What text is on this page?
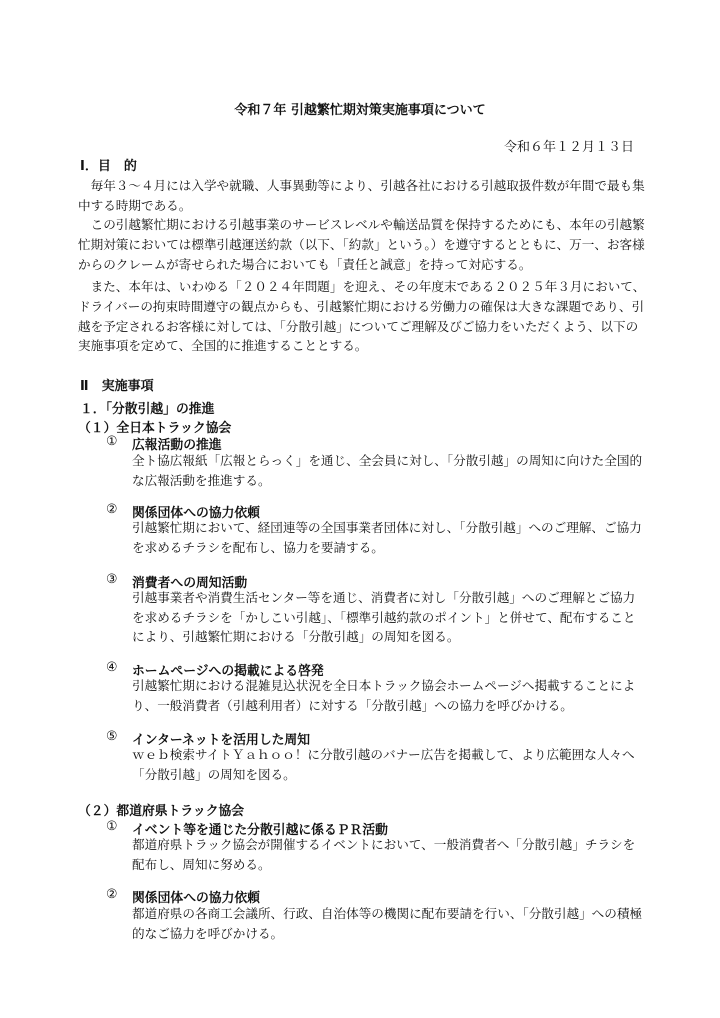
令和７年 引越繁忙期対策実施事項について
令和６年１２月１３日
Ⅰ．目　的
　毎年３～４月には入学や就職、人事異動等により、引越各社における引越取扱件数が年間で最も集中する時期である。
　この引越繁忙期における引越事業のサービスレベルや輸送品質を保持するためにも、本年の引越繁忙期対策においては標準引越運送約款（以下、「約款」という。）を遵守するとともに、万一、お客様からのクレームが寄せられた場合においても「責任と誠意」を持って対応する。
　また、本年は、いわゆる「２０２４年問題」を迎え、その年度末である２０２５年３月において、ドライバーの拘束時間遵守の観点からも、引越繁忙期における労働力の確保は大きな課題であり、引越を予定されるお客様に対しては、「分散引越」についてご理解及びご協力をいただくよう、以下の実施事項を定めて、全国的に推進することとする。
Ⅱ　実施事項
１．「分散引越」の推進
（１）全日本トラック協会
① 広報活動の推進
全ト協広報紙「広報とらっく」を通じ、全会員に対し、「分散引越」の周知に向けた全国的な広報活動を推進する。
② 関係団体への協力依頼
引越繁忙期において、経団連等の全国事業者団体に対し、「分散引越」へのご理解、ご協力を求めるチラシを配布し、協力を要請する。
③ 消費者への周知活動
引越事業者や消費生活センター等を通じ、消費者に対し「分散引越」へのご理解とご協力を求めるチラシを「かしこい引越」、「標準引越約款のポイント」と併せて、配布することにより、引越繁忙期における「分散引越」の周知を図る。
④ ホームページへの掲載による啓発
引越繁忙期における混雑見込状況を全日本トラック協会ホームページへ掲載することにより、一般消費者（引越利用者）に対する「分散引越」への協力を呼びかける。
⑤ インターネットを活用した周知
ｗｅｂ検索サイトＹａｈｏｏ！に分散引越のバナー広告を掲載して、より広範囲な人々へ「分散引越」の周知を図る。
（２）都道府県トラック協会
① イベント等を通じた分散引越に係るＰＲ活動
都道府県トラック協会が開催するイベントにおいて、一般消費者へ「分散引越」チラシを配布し、周知に努める。
② 関係団体への協力依頼
都道府県の各商工会議所、行政、自治体等の機関に配布要請を行い、「分散引越」への積極的なご協力を呼びかける。
